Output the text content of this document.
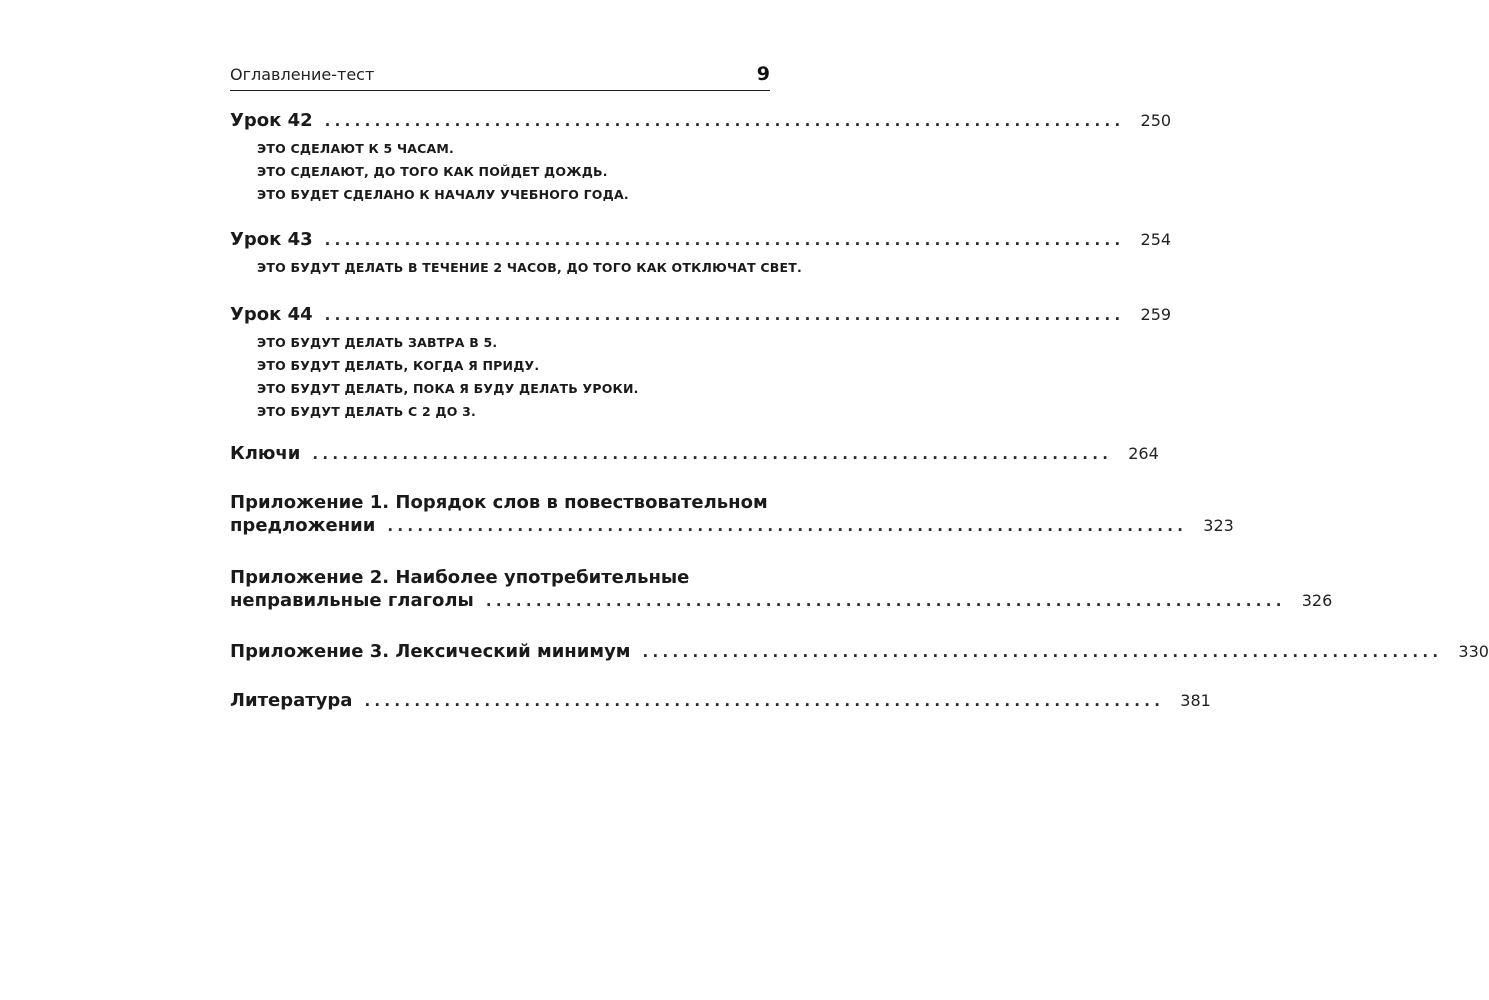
Оглавление-тест	9
Урок 42 ................................................................................ 250
ЭТО СДЕЛАЮТ К 5 ЧАСАМ.
ЭТО СДЕЛАЮТ, ДО ТОГО КАК ПОЙДЕТ ДОЖДЬ.
ЭТО БУДЕТ СДЕЛАНО К НАЧАЛУ УЧЕБНОГО ГОДА.
Урок 43 ................................................................................ 254
ЭТО БУДУТ ДЕЛАТЬ В ТЕЧЕНИЕ 2 ЧАСОВ, ДО ТОГО КАК ОТКЛЮЧАТ СВЕТ.
Урок 44 ................................................................................ 259
ЭТО БУДУТ ДЕЛАТЬ ЗАВТРА В 5.
ЭТО БУДУТ ДЕЛАТЬ, КОГДА Я ПРИДУ.
ЭТО БУДУТ ДЕЛАТЬ, ПОКА Я БУДУ ДЕЛАТЬ УРОКИ.
ЭТО БУДУТ ДЕЛАТЬ С 2 ДО 3.
Ключи ................................................................................ 264
Приложение 1. Порядок слов в повествовательном
предложении ................................................................................ 323
Приложение 2. Наиболее употребительные
неправильные глаголы ................................................................................ 326
Приложение 3. Лексический минимум ................................................................................ 330
Литература ................................................................................ 381
